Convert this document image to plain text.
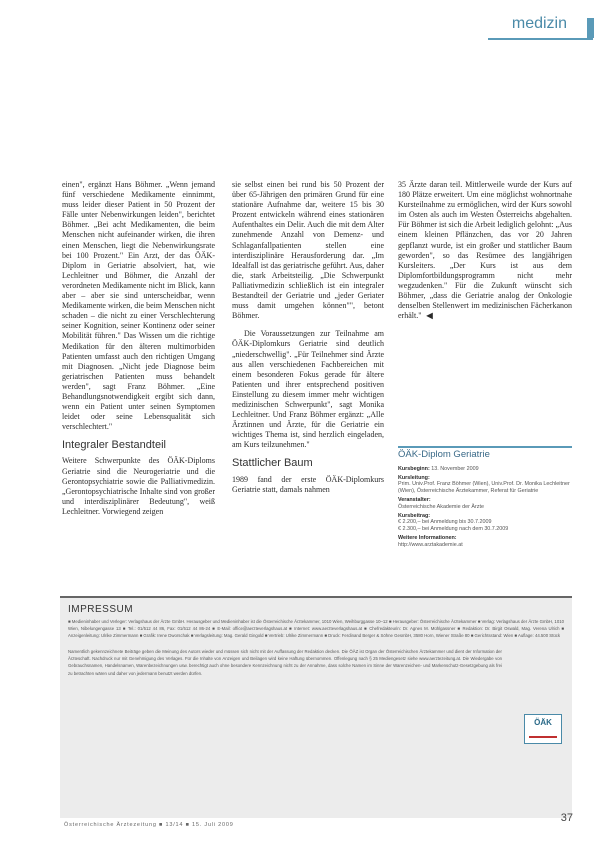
medizin

einen", ergänzt Hans Böhmer. „Wenn jemand fünf verschiedene Medikamente einnimmt, muss leider dieser Patient in 50 Prozent der Fälle unter Nebenwirkungen leiden", berichtet Böhmer. „Bei acht Medikamenten, die beim Menschen nicht aufeinander wirken, die ihren einen Menschen, liegt die Nebenwirkungsrate bei 100 Prozent." Ein Arzt, der das ÖÄK-Diplom in Geriatrie absolviert, hat, wie Lechleitner und Böhmer, die Anzahl der verordneten Medikamente nicht im Blick, kann aber – aber sie sind unterscheidbar, wenn Medikamente wirken, die beim Menschen nicht schaden – die nicht zu einer Verschlechterung seiner Kognition, seiner Kontinenz oder seiner Mobilität führen." Das Wissen um die richtige Medikation für den älteren multimorbiden Patienten umfasst auch den richtigen Umgang mit Diagnosen. „Nicht jede Diagnose beim geriatrischen Patienten muss behandelt werden", sagt Franz Böhmer. „Eine Behandlungsnotwendigkeit ergibt sich dann, wenn ein Patient unter seinen Symptomen leidet oder seine Lebensqualität sich verschlechtert."

Integraler Bestandteil

Weitere Schwerpunkte des ÖÄK-Diploms Geriatrie sind die Neurogeriatrie und die Gerontopsychiatrie sowie die Palliativmedizin. „Gerontopsychiatrische Inhalte sind von großer und interdisziplinärer Bedeutung", weiß Lechleitner. Vorwiegend zeigen

sie selbst einen bei rund bis 50 Prozent der über 65-Jährigen den primären Grund für eine stationäre Aufnahme dar, weitere 15 bis 30 Prozent entwickeln während eines stationären Aufenthaltes ein Delir. Auch die mit dem Alter zunehmende Anzahl von Demenz- und Schlaganfallpatienten stellen eine interdisziplinäre Herausforderung dar. „Im Idealfall ist das geriatrische geführt. Aus, daher die, stark Arbeitsteilig. „Die Schwerpunkt Palliativmedizin schließlich ist ein integraler Bestandteil der Geriatrie und „jeder Geriater muss damit umgehen können"", betont Böhmer.

Die Voraussetzungen zur Teilnahme am ÖÄK-Diplomkurs Geriatrie sind deutlich „niederschwellig". „Für Teilnehmer sind Ärzte aus allen verschiedenen Fachbereichen mit einem besonderen Fokus gerade für ältere Patienten und ihrer entsprechend positiven Einstellung zu diesem immer mehr wichtigen medizinischen Schwerpunkt", sagt Monika Lechleitner. Und Franz Böhmer ergänzt: „Alle Ärztinnen und Ärzte, für die Geriatrie ein wichtiges Thema ist, sind herzlich eingeladen, am Kurs teilzunehmen."

Stattlicher Baum

1989 fand der erste ÖÄK-Diplomkurs Geriatrie statt, damals nahmen

35 Ärzte daran teil. Mittlerweile wurde der Kurs auf 180 Plätze erweitert. Um eine möglichst wohnortnahe Kursteilnahme zu ermöglichen, wird der Kurs sowohl im Osten als auch im Westen Österreichs abgehalten. Für Böhmer ist sich die Arbeit lediglich gelohnt: „Aus einem kleinen Pflänzchen, das vor 20 Jahren gepflanzt wurde, ist ein großer und stattlicher Baum geworden", so das Resümee des langjährigen Kursleiters. „Der Kurs ist aus dem Diplomfortbildungsprogramm nicht mehr wegzudenken." Für die Zukunft wünscht sich Böhmer, „dass die Geriatrie analog der Onkologie denselben Stellenwert im medizinischen Fächerkanon erhält." ◀

ÖÄK-Diplom Geriatrie
Kursbeginn: 13. November 2009
Kursleitung:
Prim. Univ.Prof. Franz Böhmer (Wien), Univ.Prof. Dr. Monika Lechleitner (Wien), Österreichische Ärztekammer, Referat für Geriatrie
Veranstalter:
Österreichische Akademie der Ärzte
Kursbeitrag:
€ 2.200,– bei Anmeldung bis 30.7.2009
€ 2.300,– bei Anmeldung nach dem 30.7.2009
Weitere Informationen:
http://www.arztakademie.at
IMPRESSUM
■ Medieninhaber und Verleger: Verlagshaus der Ärzte GmbH. Herausgeber und Medieninhaber ist die Österreichische Ärztekammer, 1010 Wien, Weihburggasse 10–12 ■ Herausgeber: Österreichische Ärztekammer ■ Verlag: Verlagshaus der Ärzte GmbH, 1010 Wien, Nibelungengasse 13 ■ Tel.: 01/512 44 86, Fax: 01/512 44 86-24 ■ E-Mail: office@aerzteverlagshaus.at ■ Internet: www.aerzteverlagshaus.at ■ Chefredakteurin: Dr. Agnes M. Mühlgassner ■ Redaktion: Dr. Birgit Oswald, Mag. Verena Ulrich ■ Anzeigenleitung: Ulrike Zimmermann ■ Grafik: Irene Dworschak ■ Verlagsleitung: Mag. Gerald Gingold ■ Vertrieb: Ulrike Zimmermann ■ Druck: Ferdinand Berger & Söhne GesmbH, 3580 Horn, Wiener Straße 80 ■ Gerichtsstand: Wien ■ Auflage: 44.500 Stück
Namentlich gekennzeichnete Beiträge geben die Meinung des Autors wieder und müssen sich nicht mit der Auffassung der Redaktion decken. Die ÖÄZ ist Organ der Österreichischen Ärztekammer und dient der Information der Ärzteschaft. Nachdruck nur mit Genehmigung des Verlages. Für die Inhalte von Anzeigen und Beilagen wird keine Haftung übernommen. Offenlegung nach § 25 Mediengesetz siehe www.aerztezeitung.at. Die Wiedergabe von Gebrauchsnamen, Handelsnamen, Warenbezeichnungen usw. berechtigt auch ohne besondere Kennzeichnung nicht zu der Annahme, dass solche Namen im Sinne der Warenzeichen- und Markenschutz-Gesetzgebung als frei zu betrachten wären und daher von jedermann benutzt werden dürfen.
ÖÄK
Österreichische Ärztezeitung ■ 13/14 ■ 15. Juli 2009
37
